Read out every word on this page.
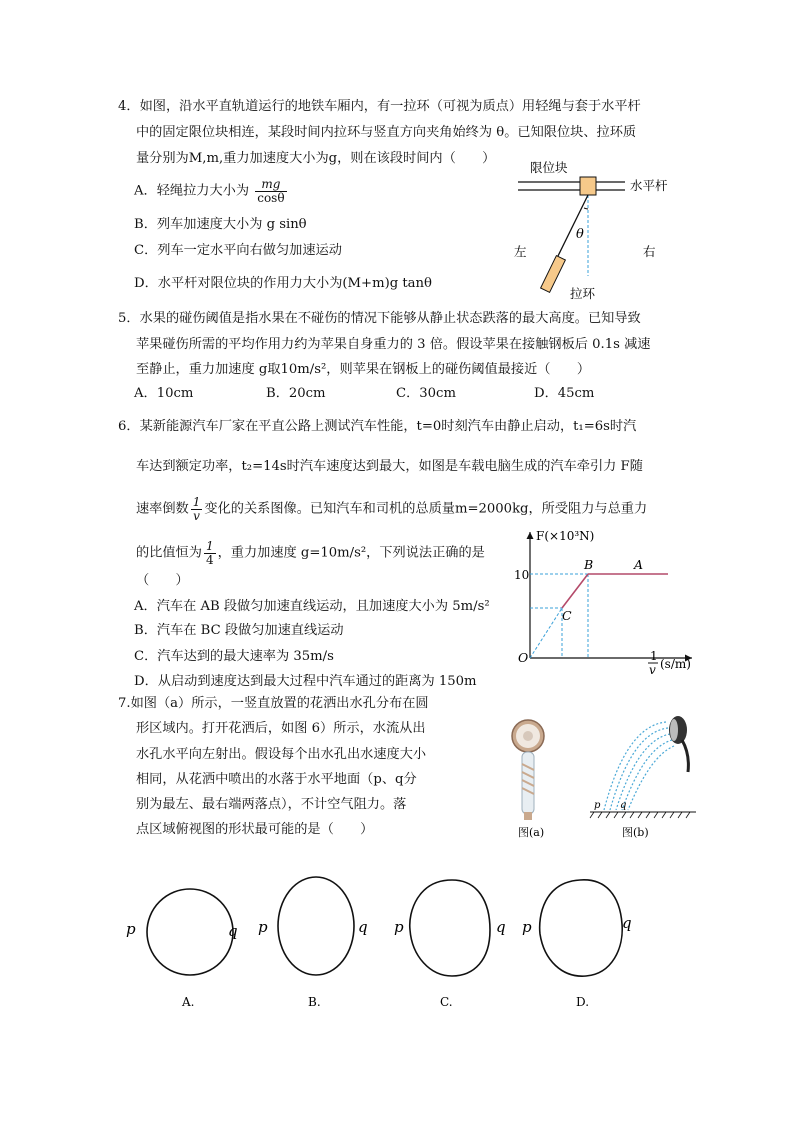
4．如图，沿水平直轨道运行的地铁车厢内，有一拉环（可视为质点）用轻绳与套于水平杆
中的固定限位块相连，某段时间内拉环与竖直方向夹角始终为 θ。已知限位块、拉环质
量分别为M,m,重力加速度大小为g，则在该段时间内（　　）
A．轻绳拉力大小为 $\frac{mg}{\cos\theta}$
B．列车加速度大小为 g sinθ
C．列车一定水平向右做匀加速运动
D．水平杆对限位块的作用力大小为(M+m)g tanθ
限位块
水平杆
θ
左	右
拉环
5．水果的碰伤阈值是指水果在不碰伤的情况下能够从静止状态跌落的最大高度。已知导致
苹果碰伤所需的平均作用力约为苹果自身重力的 3 倍。假设苹果在接触钢板后 0.1s 减速
至静止，重力加速度 g取10m/s²，则苹果在钢板上的碰伤阈值最接近（　　）
A．10cm	B．20cm	C．30cm	D．45cm
6．某新能源汽车厂家在平直公路上测试汽车性能，t=0时刻汽车由静止启动，t₁=6s时汽
车达到额定功率，t₂=14s时汽车速度达到最大，如图是车载电脑生成的汽车牵引力 F随
速率倒数 $\frac{1}{v}$ 变化的关系图像。已知汽车和司机的总质量m=2000kg，所受阻力与总重力
的比值恒为 $\frac{1}{4}$ ，重力加速度 g=10m/s²，下列说法正确的是
（　　）
A．汽车在 AB 段做匀加速直线运动，且加速度大小为 5m/s²
B．汽车在 BC 段做匀加速直线运动
C．汽车达到的最大速率为 35m/s
D．从启动到速度达到最大过程中汽车通过的距离为 150m
F(×10³N)
10
O
B	A
C
1
v (s/m)
7.如图（a）所示，一竖直放置的花洒出水孔分布在圆
形区域内。打开花洒后，如图 6）所示，水流从出
水孔水平向左射出。假设每个出水孔出水速度大小
相同，从花洒中喷出的水落于水平地面（p、q分
别为最左、最右端两落点），不计空气阻力。落
点区域俯视图的形状最可能的是（　　）	图(a)
p q
图(b)
p	q
A.
p	q
B.
p	q
C.
p	q
D.
